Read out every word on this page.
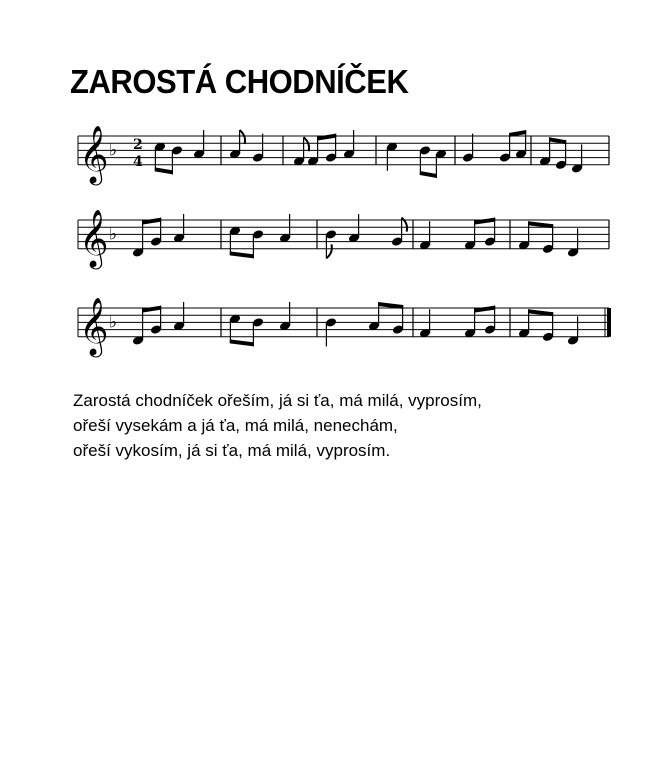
ZAROSTÁ CHODNÍČEK
𝄞 ♭ 2
4
𝄞 ♭
𝄞 ♭
Zarostá chodníček ořeším, já si ťa, má milá, vyprosím,
ořeší vysekám a já ťa, má milá, nenechám,
ořeší vykosím, já si ťa, má milá, vyprosím.
